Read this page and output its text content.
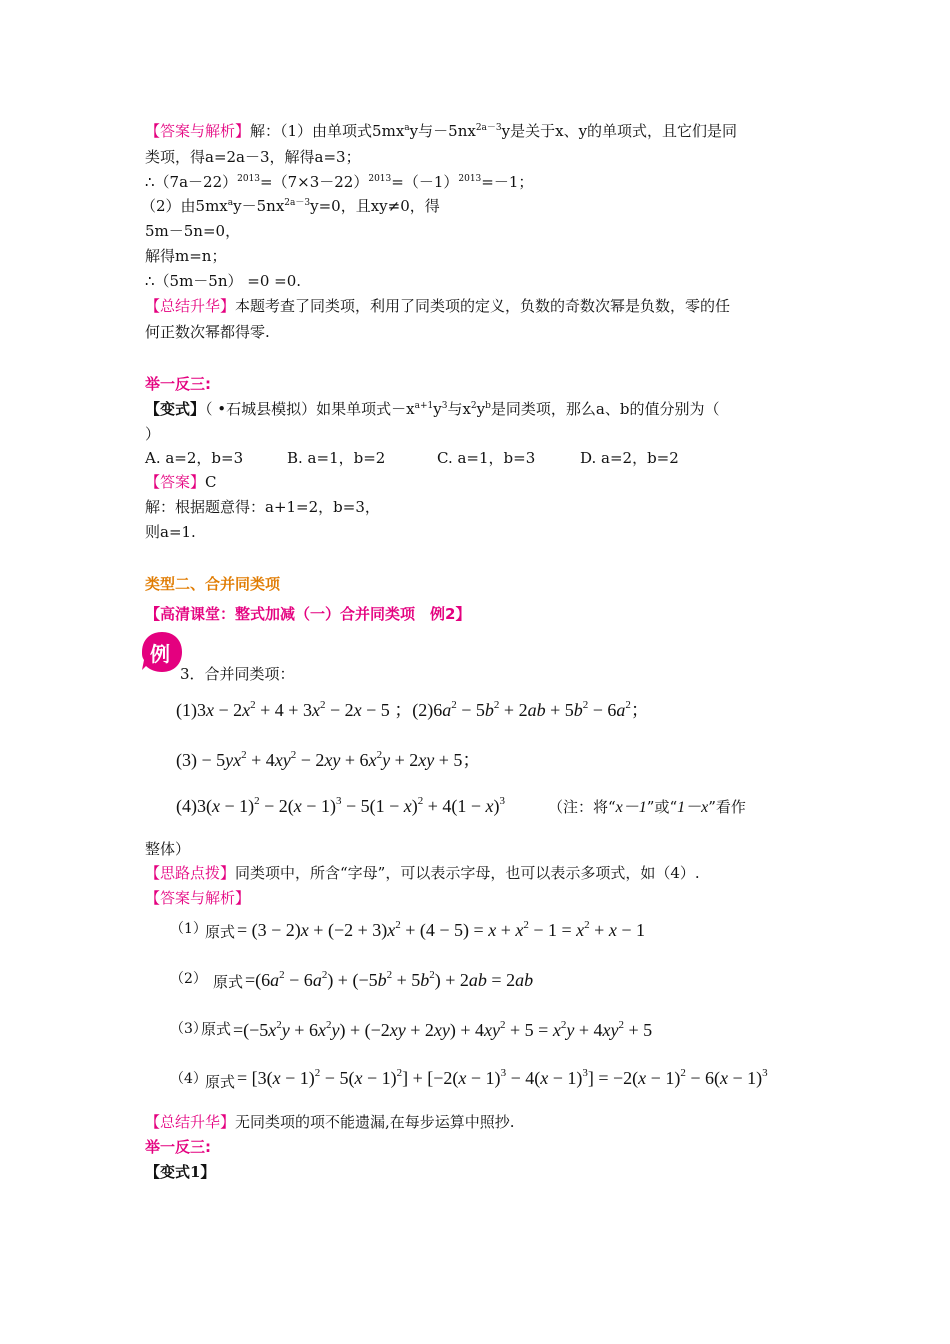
【答案与解析】解：（1）由单项式$5mx^ay$与$-5nx^{2a-3}y$是关于x、y的单项式，且它们是同
类项，得a=2a－3，解得a=3；
$\therefore(7a-22)^{2013}=(7\times 3-22)^{2013}=(-1)^{2013}=-1$；
（2）由$5mx^ay-5nx^{2a-3}y=0$，且xy≠0，得
5m－5n=0，
解得m=n；
∴（5m－5n） =0 =0.
【总结升华】本题考查了同类项，利用了同类项的定义，负数的奇数次幂是负数，零的任
何正数次幂都得零.
举一反三:
【变式】（ •石城县模拟）如果单项式$-x^{a+1}y^3$与$x^2y^b$是同类项，那么a、b的值分别为（
）
A. a=2，b=3	B. a=1，b=2	C. a=1，b=3	D. a=2，b=2
【答案】C
解：根据题意得：a+1=2，b=3，
则a=1.
类型二、合并同类项
【高清课堂：整式加减（一）合并同类项　例2】
例
3．合并同类项：
$(1)3x - 2x^2 + 4 + 3x^2 - 2x - 5$ ；$(2)6a^2 - 5b^2 + 2ab + 5b^2 - 6a^2$；
$(3) - 5yx^2 + 4xy^2 - 2xy + 6x^2y + 2xy + 5$；
$(4)3(x - 1)^2 - 2(x - 1)^3 - 5(1 - x)^2 + 4(1 - x)^3$	（注：将“x－1”或“1－x”看作
整体）
【思路点拨】同类项中，所含“字母”，可以表示字母，也可以表示多项式，如（4）.
【答案与解析】
（1）
原式 = $(3 - 2)x + (-2 + 3)x^2 + (4 - 5) = x + x^2 - 1 = x^2 + x - 1$
（2） 原式 $=(6a^2 - 6a^2) + (-5b^2 + 5b^2) + 2ab = 2ab$
（3）
原式 $=(-5x^2y + 6x^2y) + (-2xy + 2xy) + 4xy^2 + 5 = x^2y + 4xy^2 + 5$
（4）
原式 = $[3(x - 1)^2 - 5(x - 1)^2] + [-2(x - 1)^3 - 4(x - 1)^3] = -2(x - 1)^2 - 6(x - 1)^3$
【总结升华】无同类项的项不能遗漏,在每步运算中照抄.
举一反三:
【变式1】
